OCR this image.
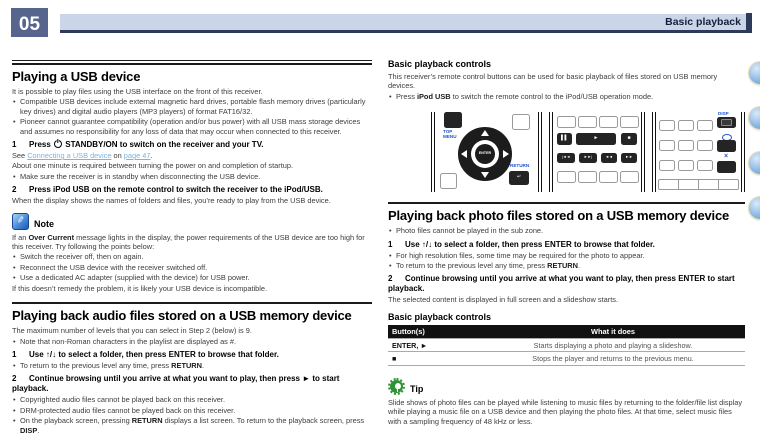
05	Basic playback
Playing a USB device

It is possible to play files using the USB interface on the front of this receiver.

• Compatible USB devices include external magnetic hard drives, portable flash memory drives (particularly key drives) and digital audio players (MP3 players) of format FAT16/32.
• Pioneer cannot guarantee compatibility (operation and/or bus power) with all USB mass storage devices and assumes no responsibility for any loss of data that may occur when connected to this receiver.
1 Press  STANDBY/ON to switch on the receiver and your TV.

See Connecting a USB device on page 47.

About one minute is required between turning the power on and completion of startup.

• Make sure the receiver is in standby when disconnecting the USB device.
2 Press iPod USB on the remote control to switch the receiver to the iPod/USB.

When the display shows the names of folders and files, you’re ready to play from the USB device.

✎ Note

If an Over Current message lights in the display, the power requirements of the USB device are too high for this receiver. Try following the points below:

• Switch the receiver off, then on again.
• Reconnect the USB device with the receiver switched off.
• Use a dedicated AC adapter (supplied with the device) for USB power.

If this doesn’t remedy the problem, it is likely your USB device is incompatible.

Playing back audio files stored on a USB memory device

The maximum number of levels that you can select in Step 2 (below) is 9.

• Note that non-Roman characters in the playlist are displayed as #.
1 Use ↑/↓ to select a folder, then press ENTER to browse that folder.
• To return to the previous level any time, press RETURN.
2 Continue browsing until you arrive at what you want to play, then press ► to start playback.
• Copyrighted audio files cannot be played back on this receiver.
• DRM-protected audio files cannot be played back on this receiver.
• On the playback screen, pressing RETURN displays a list screen. To return to the playback screen, press DISP.
Basic playback controls

This receiver’s remote control buttons can be used for basic playback of files stored on USB memory devices.

• Press iPod USB to switch the remote control to the iPod/USB operation mode.
TOP MENU
ENTER
RETURN
↵
▌▌	►	■
|◄◄	►►|	◄◄	►►
DISP
×
Playing back photo files stored on a USB memory device
• Photo files cannot be played in the sub zone.
1 Use ↑/↓ to select a folder, then press ENTER to browse that folder.
• For high resolution files, some time may be required for the photo to appear.
• To return to the previous level any time, press RETURN.
2 Continue browsing until you arrive at what you want to play, then press ENTER to start playback.

The selected content is displayed in full screen and a slideshow starts.

Basic playback controls
Button(s)	What it does
ENTER, ►	Starts displaying a photo and playing a slideshow.
■	Stops the player and returns to the previous menu.
Tip

Slide shows of photo files can be played while listening to music files by returning to the folder/file list display while playing a music file on a USB device and then playing the photo files. At that time, select music files with a sampling frequency of 48 kHz or less.
